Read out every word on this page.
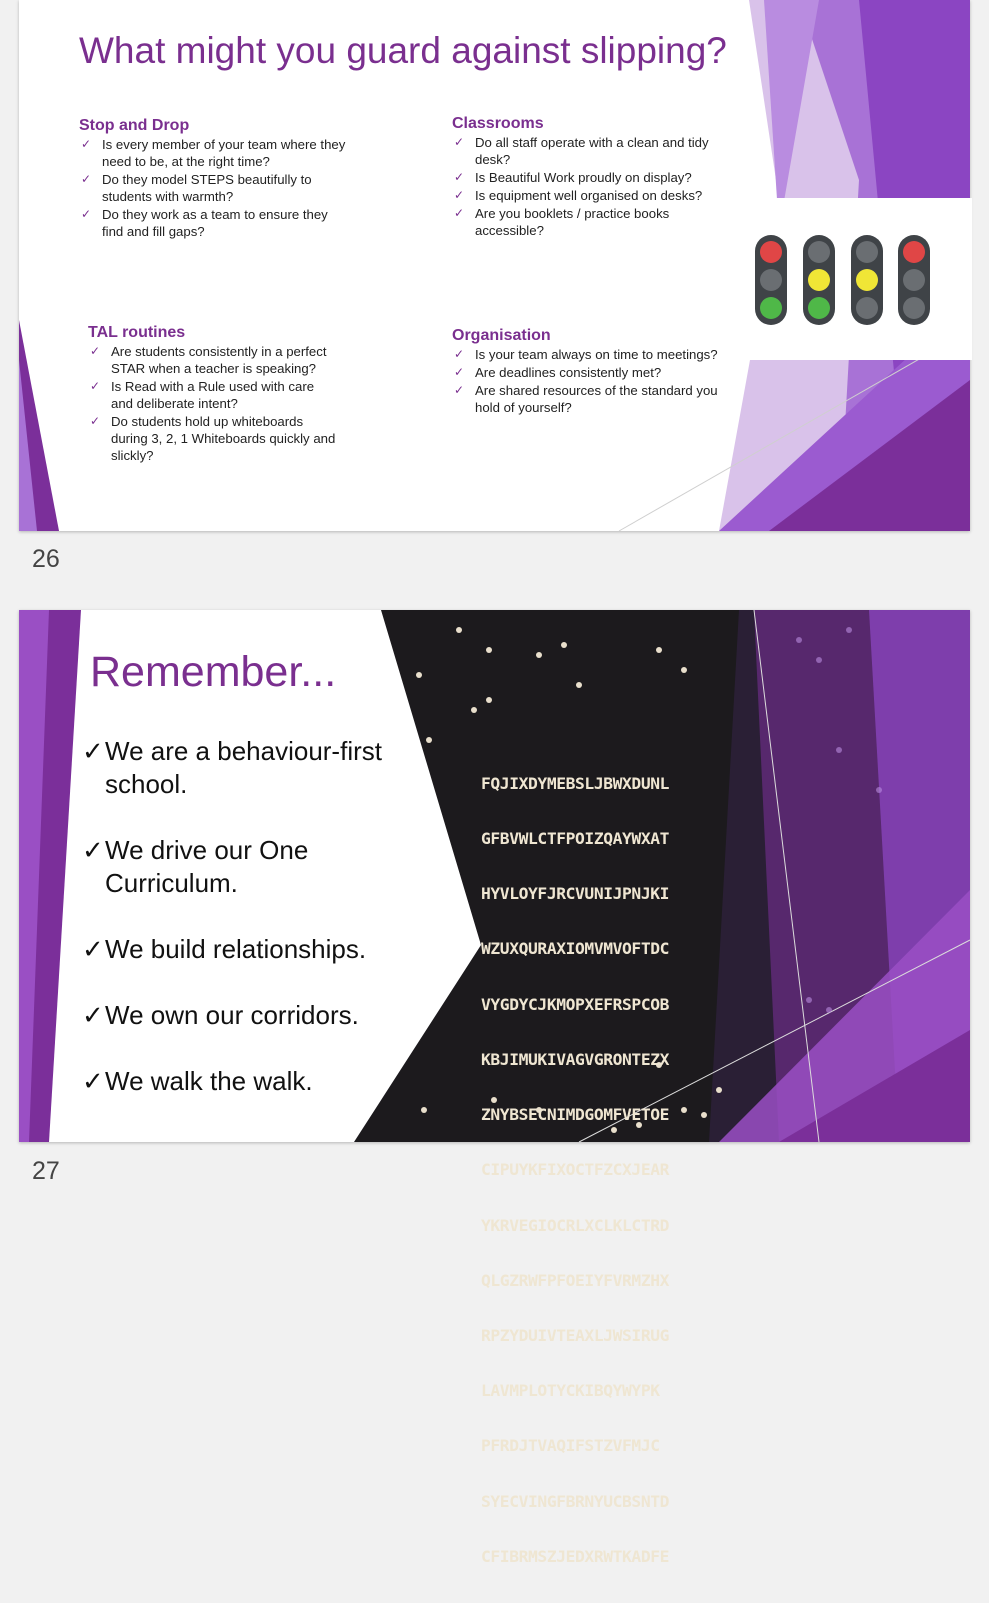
What might you guard against slipping?
Stop and Drop
✓ Is every member of your team where they need to be, at the right time?
✓ Do they model STEPS beautifully to students with warmth?
✓ Do they work as a team to ensure they find and fill gaps?
Classrooms
✓ Do all staff operate with a clean and tidy desk?
✓ Is Beautiful Work proudly on display?
✓ Is equipment well organised on desks?
✓ Are you booklets / practice books accessible?
TAL routines
✓ Are students consistently in a perfect STAR when a teacher is speaking?
✓ Is Read with a Rule used with care and deliberate intent?
✓ Do students hold up whiteboards during 3, 2, 1 Whiteboards quickly and slickly?
Organisation
✓ Is your team always on time to meetings?
✓ Are deadlines consistently met?
✓ Are shared resources of the standard you hold of yourself?
26

FQJIXDYMEBSLJBWXDUNL

GFBVWLCTFPOIZQAYWXAT

HYVLOYFJRCVUNIJPNJKI

WZUXQURAXIOMVMVOFTDC

VYGDYCJKMOPXEFRSPCOB

KBJIMUKIVAGVGRONTEZX

ZNYBSECNIMDGOMFVETOE

CIPUYKFIXOCTFZCXJEAR

YKRVEGIOCRLXCLKLCTRD

QLGZRWFPFOEIYFVRMZHX

RPZYDUIVTEAXLJWSIRUG

LAVMPLOTYCKIBQYWYPK

PFRDJTVAQIFSTZVFMJC

SYECVINGFBRNYUCBSNTD

CFIBRMSZJEDXRWTKADFE

Remember...
✓ We are a behaviour-first school.
✓ We drive our One Curriculum.
✓ We build relationships.
✓ We own our corridors.
✓ We walk the walk.
27
